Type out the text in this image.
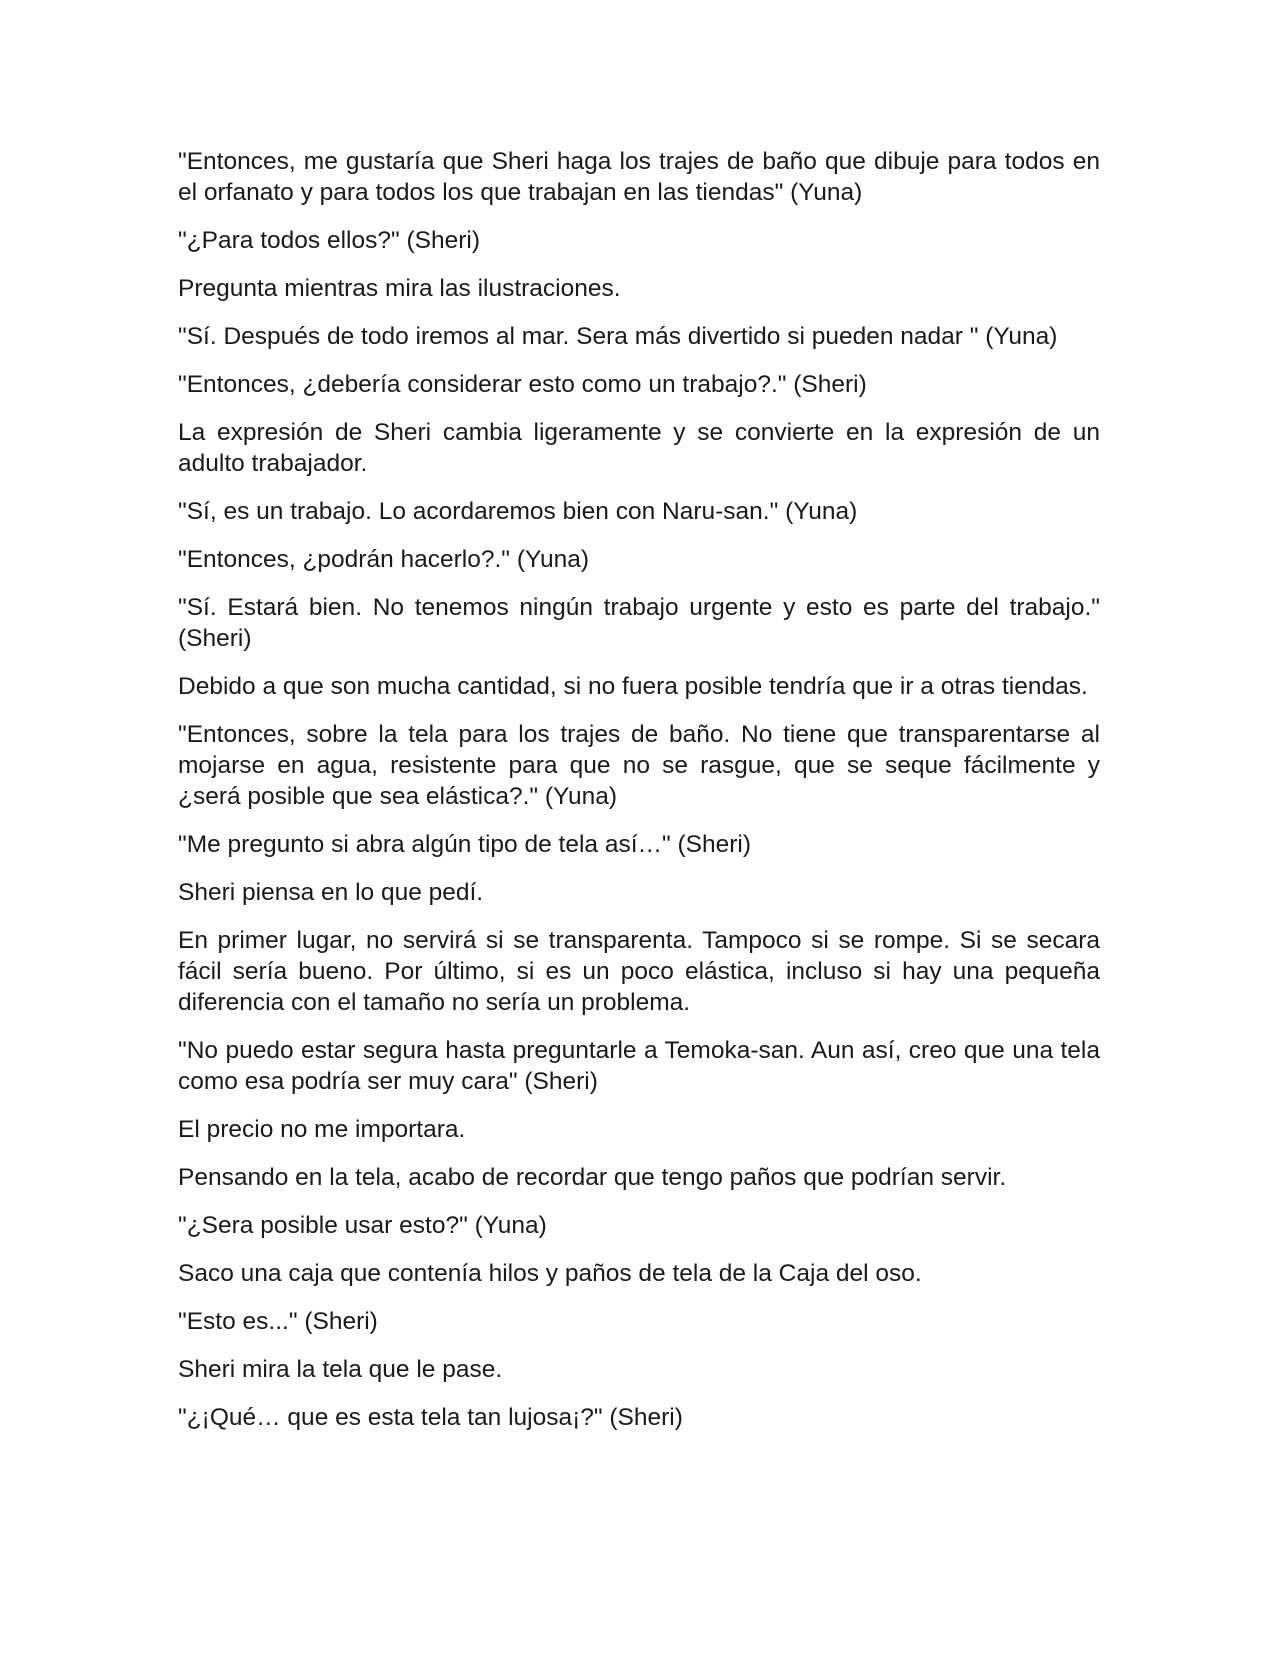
"Entonces, me gustaría que Sheri haga los trajes de baño que dibuje para todos en el orfanato y para todos los que trabajan en las tiendas" (Yuna)

"¿Para todos ellos?" (Sheri)

Pregunta mientras mira las ilustraciones.

"Sí. Después de todo iremos al mar. Sera más divertido si pueden nadar " (Yuna)

"Entonces, ¿debería considerar esto como un trabajo?." (Sheri)

La expresión de Sheri cambia ligeramente y se convierte en la expresión de un adulto trabajador.

"Sí, es un trabajo. Lo acordaremos bien con Naru-san." (Yuna)

"Entonces, ¿podrán hacerlo?." (Yuna)

"Sí. Estará bien. No tenemos ningún trabajo urgente y esto es parte del trabajo." (Sheri)

Debido a que son mucha cantidad, si no fuera posible tendría que ir a otras tiendas.

"Entonces, sobre la tela para los trajes de baño. No tiene que transparentarse al mojarse en agua, resistente para que no se rasgue, que se seque fácilmente y ¿será posible que sea elástica?." (Yuna)

"Me pregunto si abra algún tipo de tela así…" (Sheri)

Sheri piensa en lo que pedí.

En primer lugar, no servirá si se transparenta. Tampoco si se rompe. Si se secara fácil sería bueno. Por último, si es un poco elástica, incluso si hay una pequeña diferencia con el tamaño no sería un problema.

"No puedo estar segura hasta preguntarle a Temoka-san. Aun así, creo que una tela como esa podría ser muy cara" (Sheri)

El precio no me importara.

Pensando en la tela, acabo de recordar que tengo paños que podrían servir.

"¿Sera posible usar esto?" (Yuna)

Saco una caja que contenía hilos y paños de tela de la Caja del oso.

"Esto es..." (Sheri)

Sheri mira la tela que le pase.

"¿¡Qué… que es esta tela tan lujosa¡?" (Sheri)
